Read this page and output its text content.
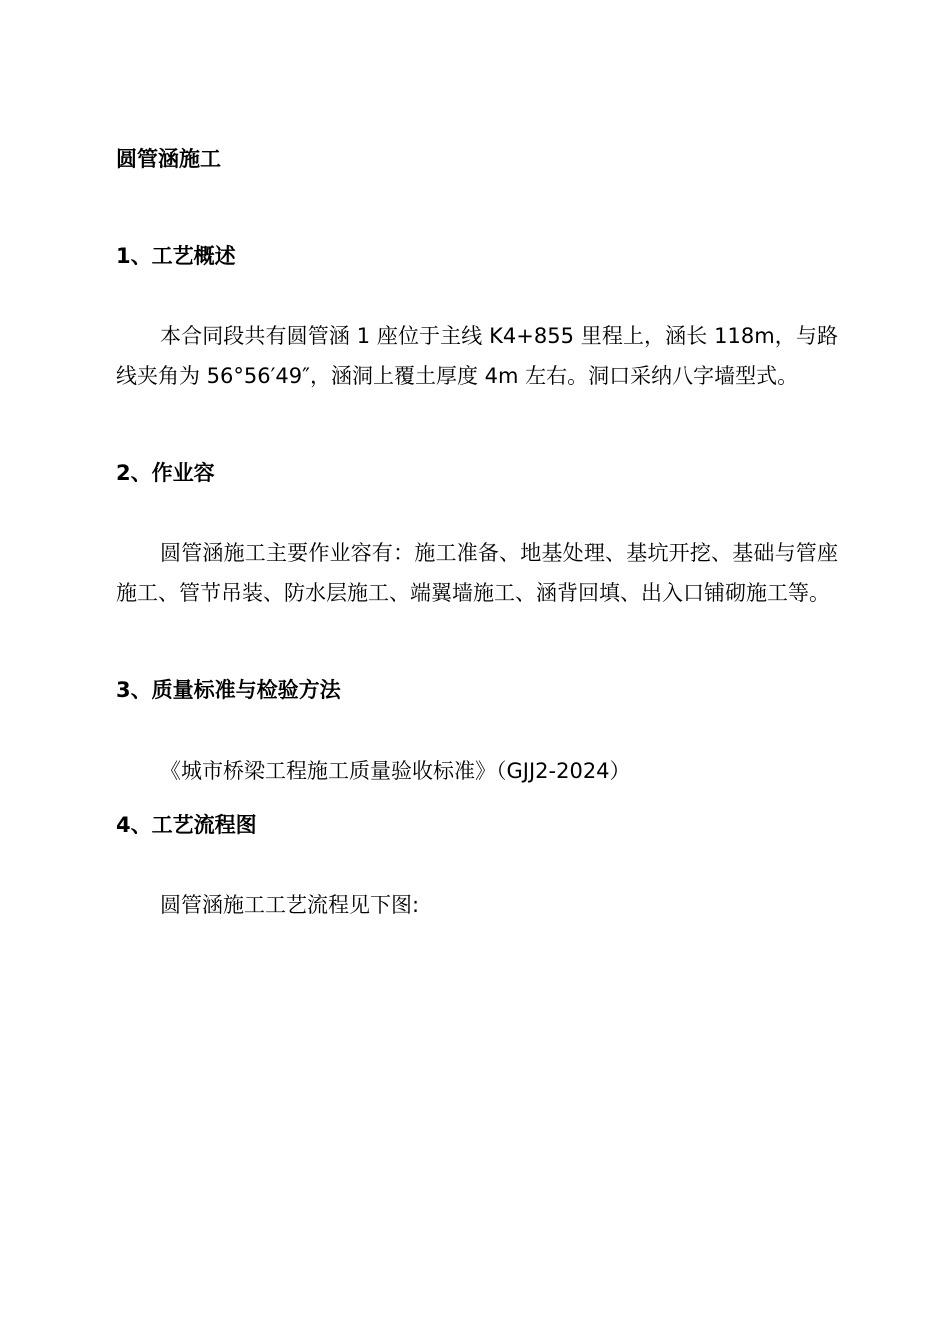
圆管涵施工
1、工艺概述

本合同段共有圆管涵 1 座位于主线 K4+855 里程上，涵长 118m，与路线夹角为 56°56′49″，涵洞上覆土厚度 4m 左右。洞口采纳八字墙型式。

2、作业容

圆管涵施工主要作业容有：施工准备、地基处理、基坑开挖、基础与管座施工、管节吊装、防水层施工、端翼墙施工、涵背回填、出入口铺砌施工等。

3、质量标准与检验方法

《城市桥梁工程施工质量验收标准》（GJJ2-2024）

4、工艺流程图

圆管涵施工工艺流程见下图:
